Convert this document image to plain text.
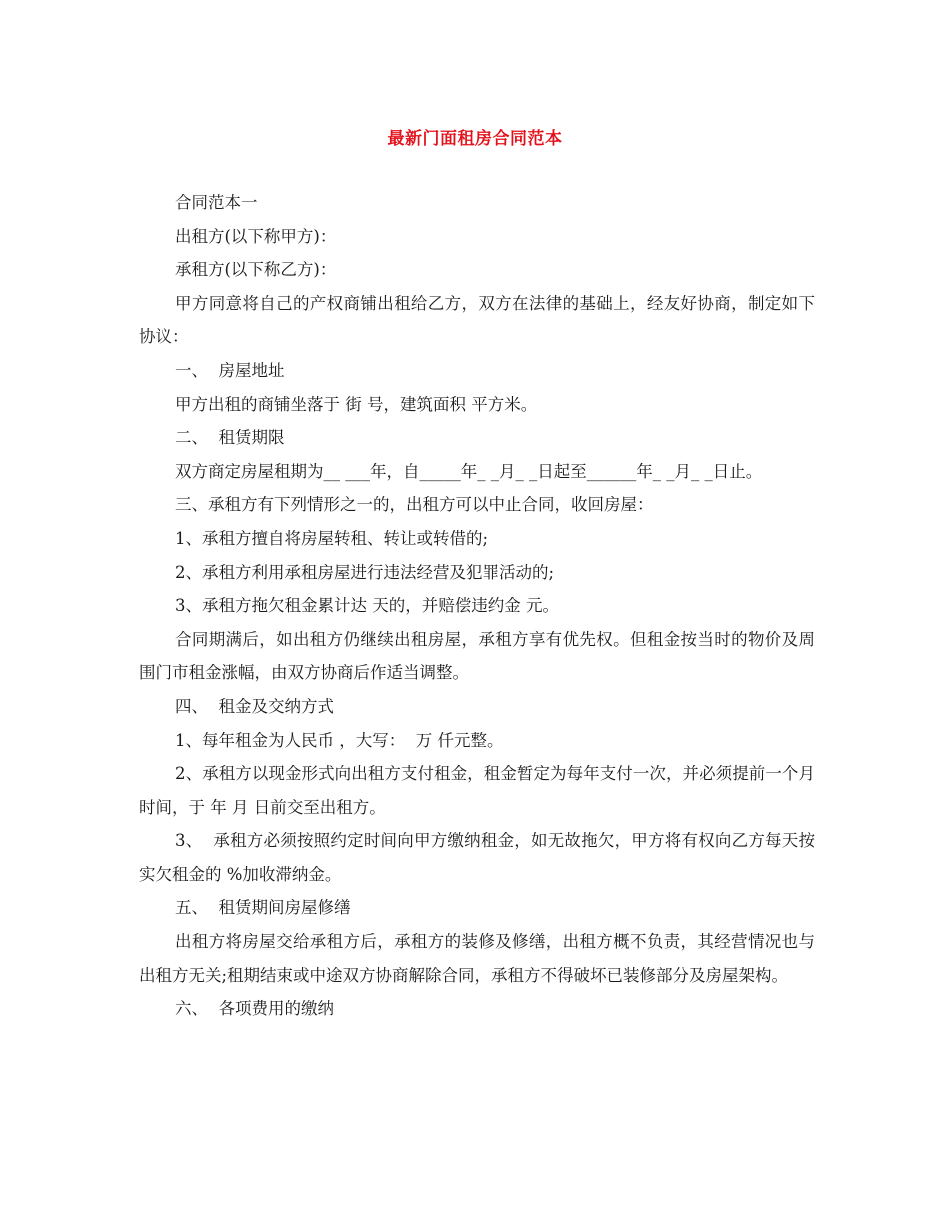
最新门面租房合同范本

合同范本一

出租方(以下称甲方)：

承租方(以下称乙方)：

甲方同意将自己的产权商铺出租给乙方，双方在法律的基础上，经友好协商，制定如下协议：

一、  房屋地址

甲方出租的商铺坐落于 街 号，建筑面积 平方米。

二、  租赁期限

双方商定房屋租期为__ ___年，自_____年_ _月_ _日起至______年_ _月_ _日止。

三、承租方有下列情形之一的，出租方可以中止合同，收回房屋：

1、承租方擅自将房屋转租、转让或转借的;

2、承租方利用承租房屋进行违法经营及犯罪活动的;

3、承租方拖欠租金累计达 天的，并赔偿违约金 元。

合同期满后，如出租方仍继续出租房屋，承租方享有优先权。但租金按当时的物价及周围门市租金涨幅，由双方协商后作适当调整。

四、  租金及交纳方式

1、每年租金为人民币 ，大写：  万 仟元整。

2、承租方以现金形式向出租方支付租金，租金暂定为每年支付一次，并必须提前一个月时间，于 年 月 日前交至出租方。

3、  承租方必须按照约定时间向甲方缴纳租金，如无故拖欠，甲方将有权向乙方每天按实欠租金的 %加收滞纳金。

五、  租赁期间房屋修缮

出租方将房屋交给承租方后，承租方的装修及修缮，出租方概不负责，其经营情况也与出租方无关;租期结束或中途双方协商解除合同，承租方不得破坏已装修部分及房屋架构。

六、  各项费用的缴纳
